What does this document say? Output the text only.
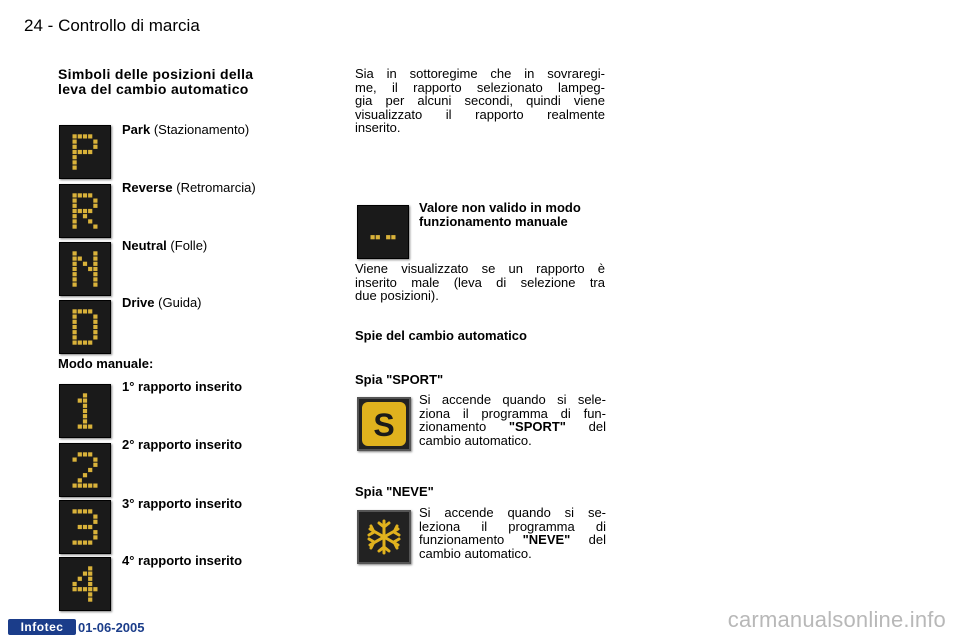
24 - Controllo di marcia
Simboli delle posizioni della
leva del cambio automatico
Park (Stazionamento)
Reverse (Retromarcia)
Neutral (Folle)
Drive (Guida)
Modo manuale:
1° rapporto inserito
2° rapporto inserito
3° rapporto inserito
4° rapporto inserito
Sia in sottoregime che in sovraregi-
me, il rapporto selezionato lampeg-
gia per alcuni secondi, quindi viene
visualizzato il rapporto realmente
inserito.
Valore non valido in modo
funzionamento manuale
Viene visualizzato se un rapporto è
inserito male (leva di selezione tra
due posizioni).
Spie del cambio automatico
Spia "SPORT"
S
Si accende quando si sele-
ziona il programma di fun-
zionamento "SPORT" del
cambio automatico.
Spia "NEVE"
Si accende quando si se-
leziona il programma di
funzionamento "NEVE" del
cambio automatico.
Infotec	01-06-2005	carmanualsonline.info
